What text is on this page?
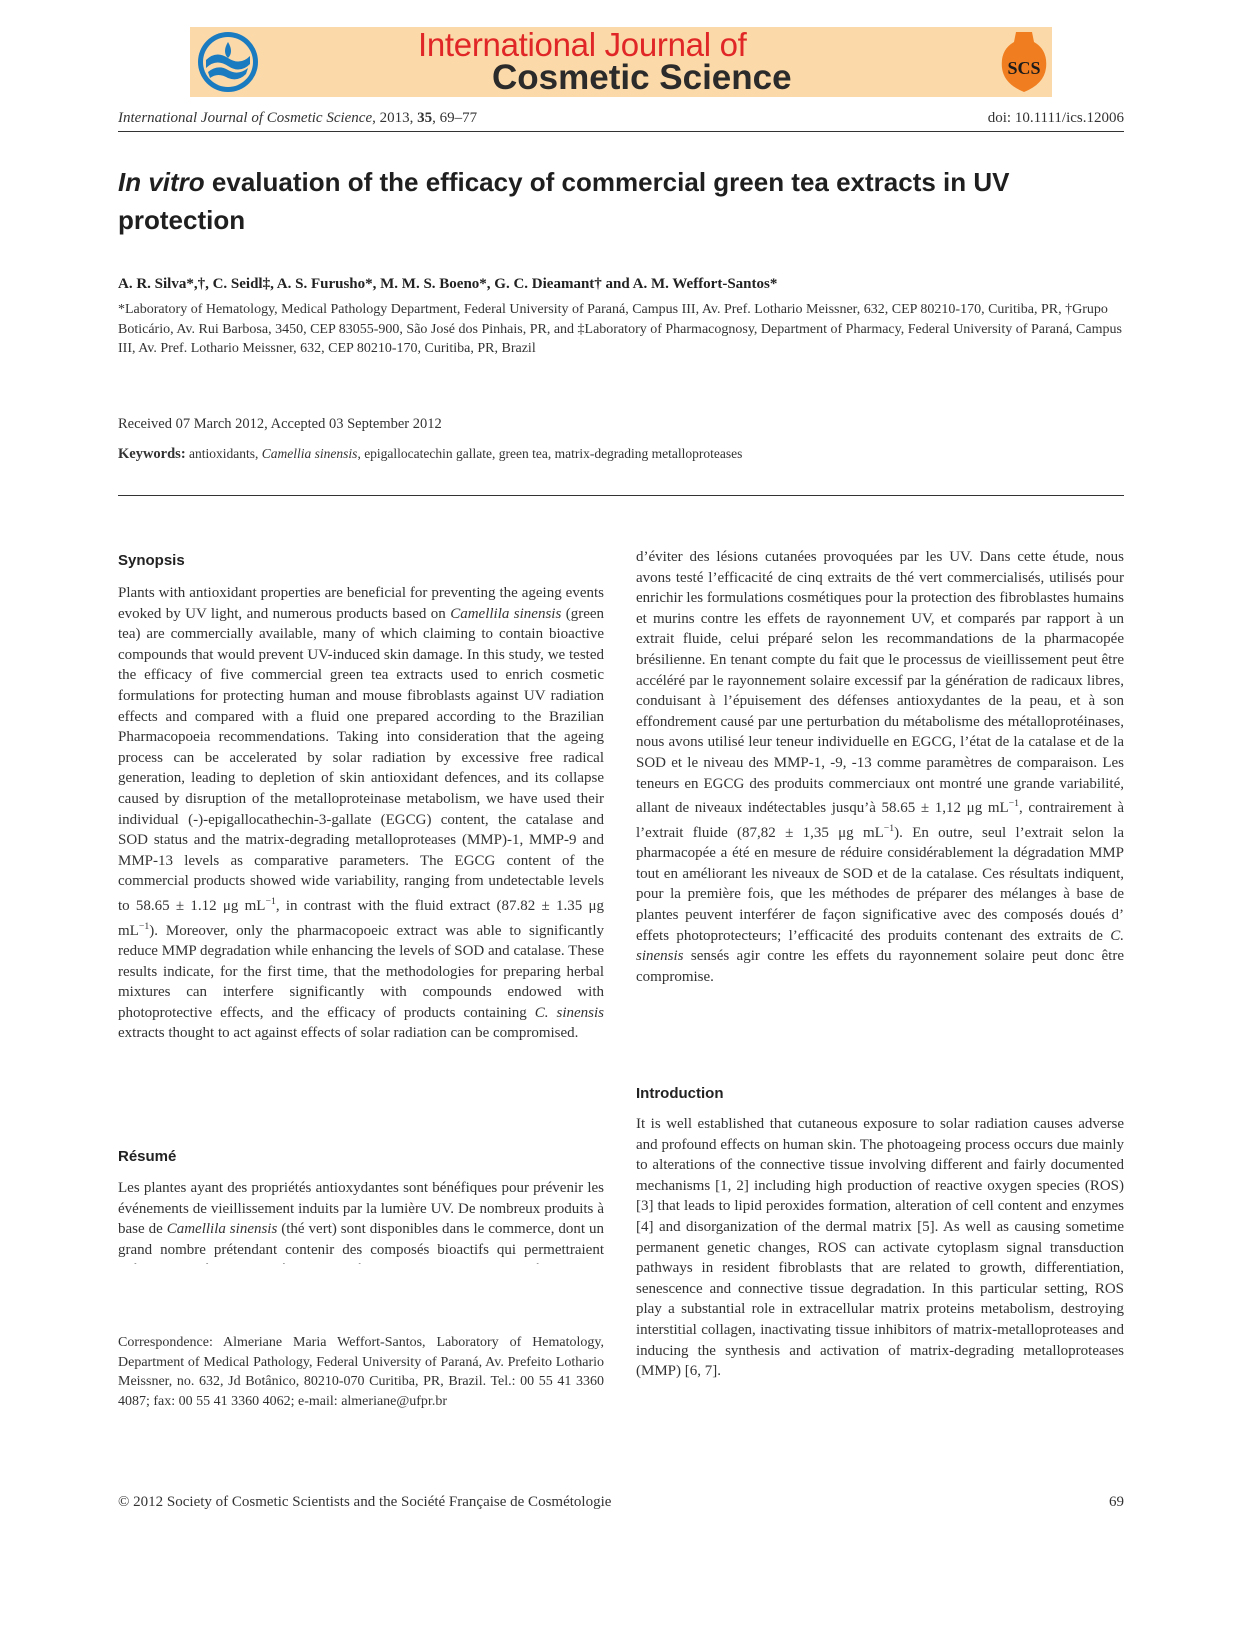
International Journal of
Cosmetic Science	SCS
International Journal of Cosmetic Science, 2013, 35, 69–77	doi: 10.1111/ics.12006
In vitro evaluation of the efficacy of commercial green tea extracts in UV protection
A. R. Silva*,†, C. Seidl‡, A. S. Furusho*, M. M. S. Boeno*, G. C. Dieamant† and A. M. Weffort-Santos*
*Laboratory of Hematology, Medical Pathology Department, Federal University of Paraná, Campus III, Av. Pref. Lothario Meissner, 632, CEP 80210-170, Curitiba, PR, †Grupo Boticário, Av. Rui Barbosa, 3450, CEP 83055-900, São José dos Pinhais, PR, and ‡Laboratory of Pharmacognosy, Department of Pharmacy, Federal University of Paraná, Campus III, Av. Pref. Lothario Meissner, 632, CEP 80210-170, Curitiba, PR, Brazil
Received 07 March 2012, Accepted 03 September 2012
Keywords: antioxidants, Camellia sinensis, epigallocatechin gallate, green tea, matrix-degrading metalloproteases
Synopsis
Plants with antioxidant properties are beneficial for preventing the ageing events evoked by UV light, and numerous products based on Camellila sinensis (green tea) are commercially available, many of which claiming to contain bioactive compounds that would prevent UV-induced skin damage. In this study, we tested the efficacy of five commercial green tea extracts used to enrich cosmetic formulations for protecting human and mouse fibroblasts against UV radiation effects and compared with a fluid one prepared according to the Brazilian Pharmacopoeia recommendations. Taking into consideration that the ageing process can be accelerated by solar radiation by excessive free radical generation, leading to depletion of skin antioxidant defences, and its collapse caused by disruption of the metalloproteinase metabolism, we have used their individual (-)-epigallocathechin-3-gallate (EGCG) content, the catalase and SOD status and the matrix-degrading metalloproteases (MMP)-1, MMP-9 and MMP-13 levels as comparative parameters. The EGCG content of the commercial products showed wide variability, ranging from undetectable levels to 58.65 ± 1.12 μg $mL^{-1}$, in contrast with the fluid extract (87.82 ± 1.35 μg $mL^{-1}$). Moreover, only the pharmacopoeic extract was able to significantly reduce MMP degradation while enhancing the levels of SOD and catalase. These results indicate, for the first time, that the methodologies for preparing herbal mixtures can interfere significantly with compounds endowed with photoprotective effects, and the efficacy of products containing C. sinensis extracts thought to act against effects of solar radiation can be compromised.
Résumé
Les plantes ayant des propriétés antioxydantes sont bénéfiques pour prévenir les événements de vieillissement induits par la lumière UV. De nombreux produits à base de Camellila sinensis (thé vert) sont disponibles dans le commerce, dont un grand nombre prétendant contenir des composés bioactifs qui permettraient
Correspondence: Almeriane Maria Weffort-Santos, Laboratory of Hematology, Department of Medical Pathology, Federal University of Paraná, Av. Prefeito Lothario Meissner, no. 632, Jd Botânico, 80210-070 Curitiba, PR, Brazil. Tel.: 00 55 41 3360 4087; fax: 00 55 41 3360 4062; e-mail: almeriane@ufpr.br
d’éviter des lésions cutanées provoquées par les UV. Dans cette étude, nous avons testé l’efficacité de cinq extraits de thé vert commercialisés, utilisés pour enrichir les formulations cosmétiques pour la protection des fibroblastes humains et murins contre les effets de rayonnement UV, et comparés par rapport à un extrait fluide, celui préparé selon les recommandations de la pharmacopée brésilienne. En tenant compte du fait que le processus de vieillissement peut être accéléré par le rayonnement solaire excessif par la génération de radicaux libres, conduisant à l’épuisement des défenses antioxydantes de la peau, et à son effondrement causé par une perturbation du métabolisme des métalloprotéinases, nous avons utilisé leur teneur individuelle en EGCG, l’état de la catalase et de la SOD et le niveau des MMP-1, -9, -13 comme paramètres de comparaison. Les teneurs en EGCG des produits commerciaux ont montré une grande variabilité, allant de niveaux indétectables jusqu’à 58.65 ± 1,12 μg $mL^{-1}$, contrairement à l’extrait fluide (87,82 ± 1,35 μg $mL^{-1}$). En outre, seul l’extrait selon la pharmacopée a été en mesure de réduire considérablement la dégradation MMP tout en améliorant les niveaux de SOD et de la catalase. Ces résultats indiquent, pour la première fois, que les méthodes de préparer des mélanges à base de plantes peuvent interférer de façon significative avec des composés doués d’ effets photoprotecteurs; l’efficacité des produits contenant des extraits de C. sinensis sensés agir contre les effets du rayonnement solaire peut donc être compromise.
Introduction
It is well established that cutaneous exposure to solar radiation causes adverse and profound effects on human skin. The photoageing process occurs due mainly to alterations of the connective tissue involving different and fairly documented mechanisms [1, 2] including high production of reactive oxygen species (ROS) [3] that leads to lipid peroxides formation, alteration of cell content and enzymes [4] and disorganization of the dermal matrix [5]. As well as causing sometime permanent genetic changes, ROS can activate cytoplasm signal transduction pathways in resident fibroblasts that are related to growth, differentiation, senescence and connective tissue degradation. In this particular setting, ROS play a substantial role in extracellular matrix proteins metabolism, destroying interstitial collagen, inactivating tissue inhibitors of matrix-metalloproteases and inducing the synthesis and activation of matrix-degrading metalloproteases (MMP) [6, 7].
© 2012 Society of Cosmetic Scientists and the Société Française de Cosmétologie	69
